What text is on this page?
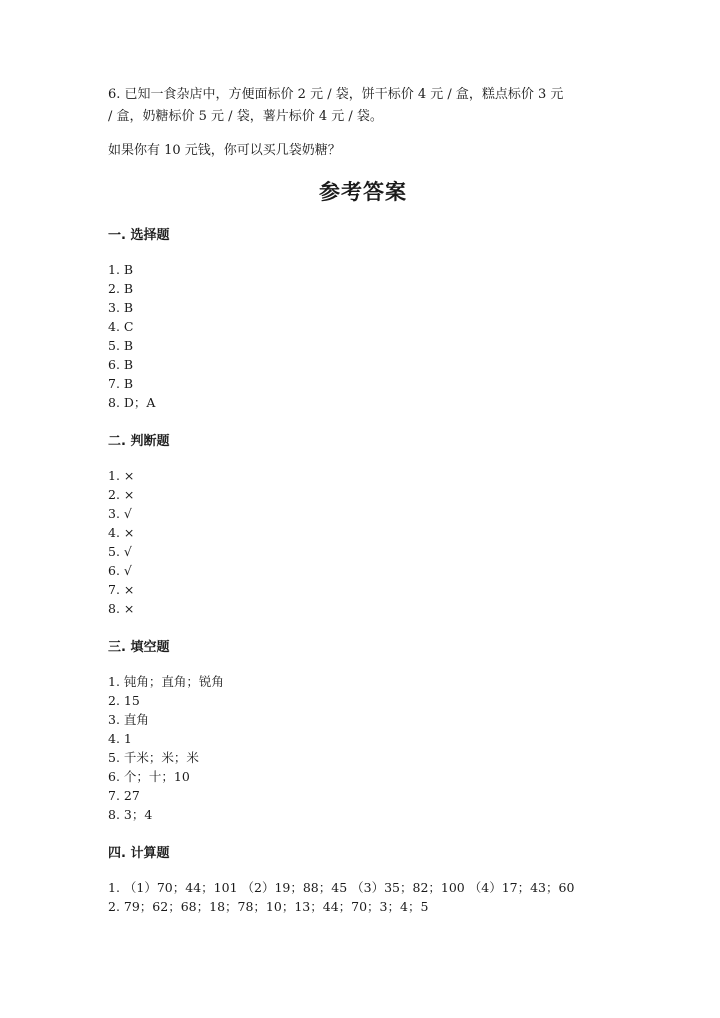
6. 已知一食杂店中，方便面标价 2 元 / 袋，饼干标价 4 元 / 盒，糕点标价 3 元

/ 盒，奶糖标价 5 元 / 袋，薯片标价 4 元 / 袋。

如果你有 10 元钱，你可以买几袋奶糖？

参考答案
一. 选择题

1. B

2. B

3. B

4. C

5. B

6. B

7. B

8. D；A

二. 判断题

1. ×

2. ×

3. √

4. ×

5. √

6. √

7. ×

8. ×

三. 填空题

1. 钝角；直角；锐角

2. 15

3. 直角

4. 1

5. 千米；米；米

6. 个；十；10

7. 27

8. 3；4

四. 计算题

1. （1）70；44；101 （2）19；88；45 （3）35；82；100 （4）17；43；60

2. 79；62；68；18；78；10；13；44；70；3；4；5
